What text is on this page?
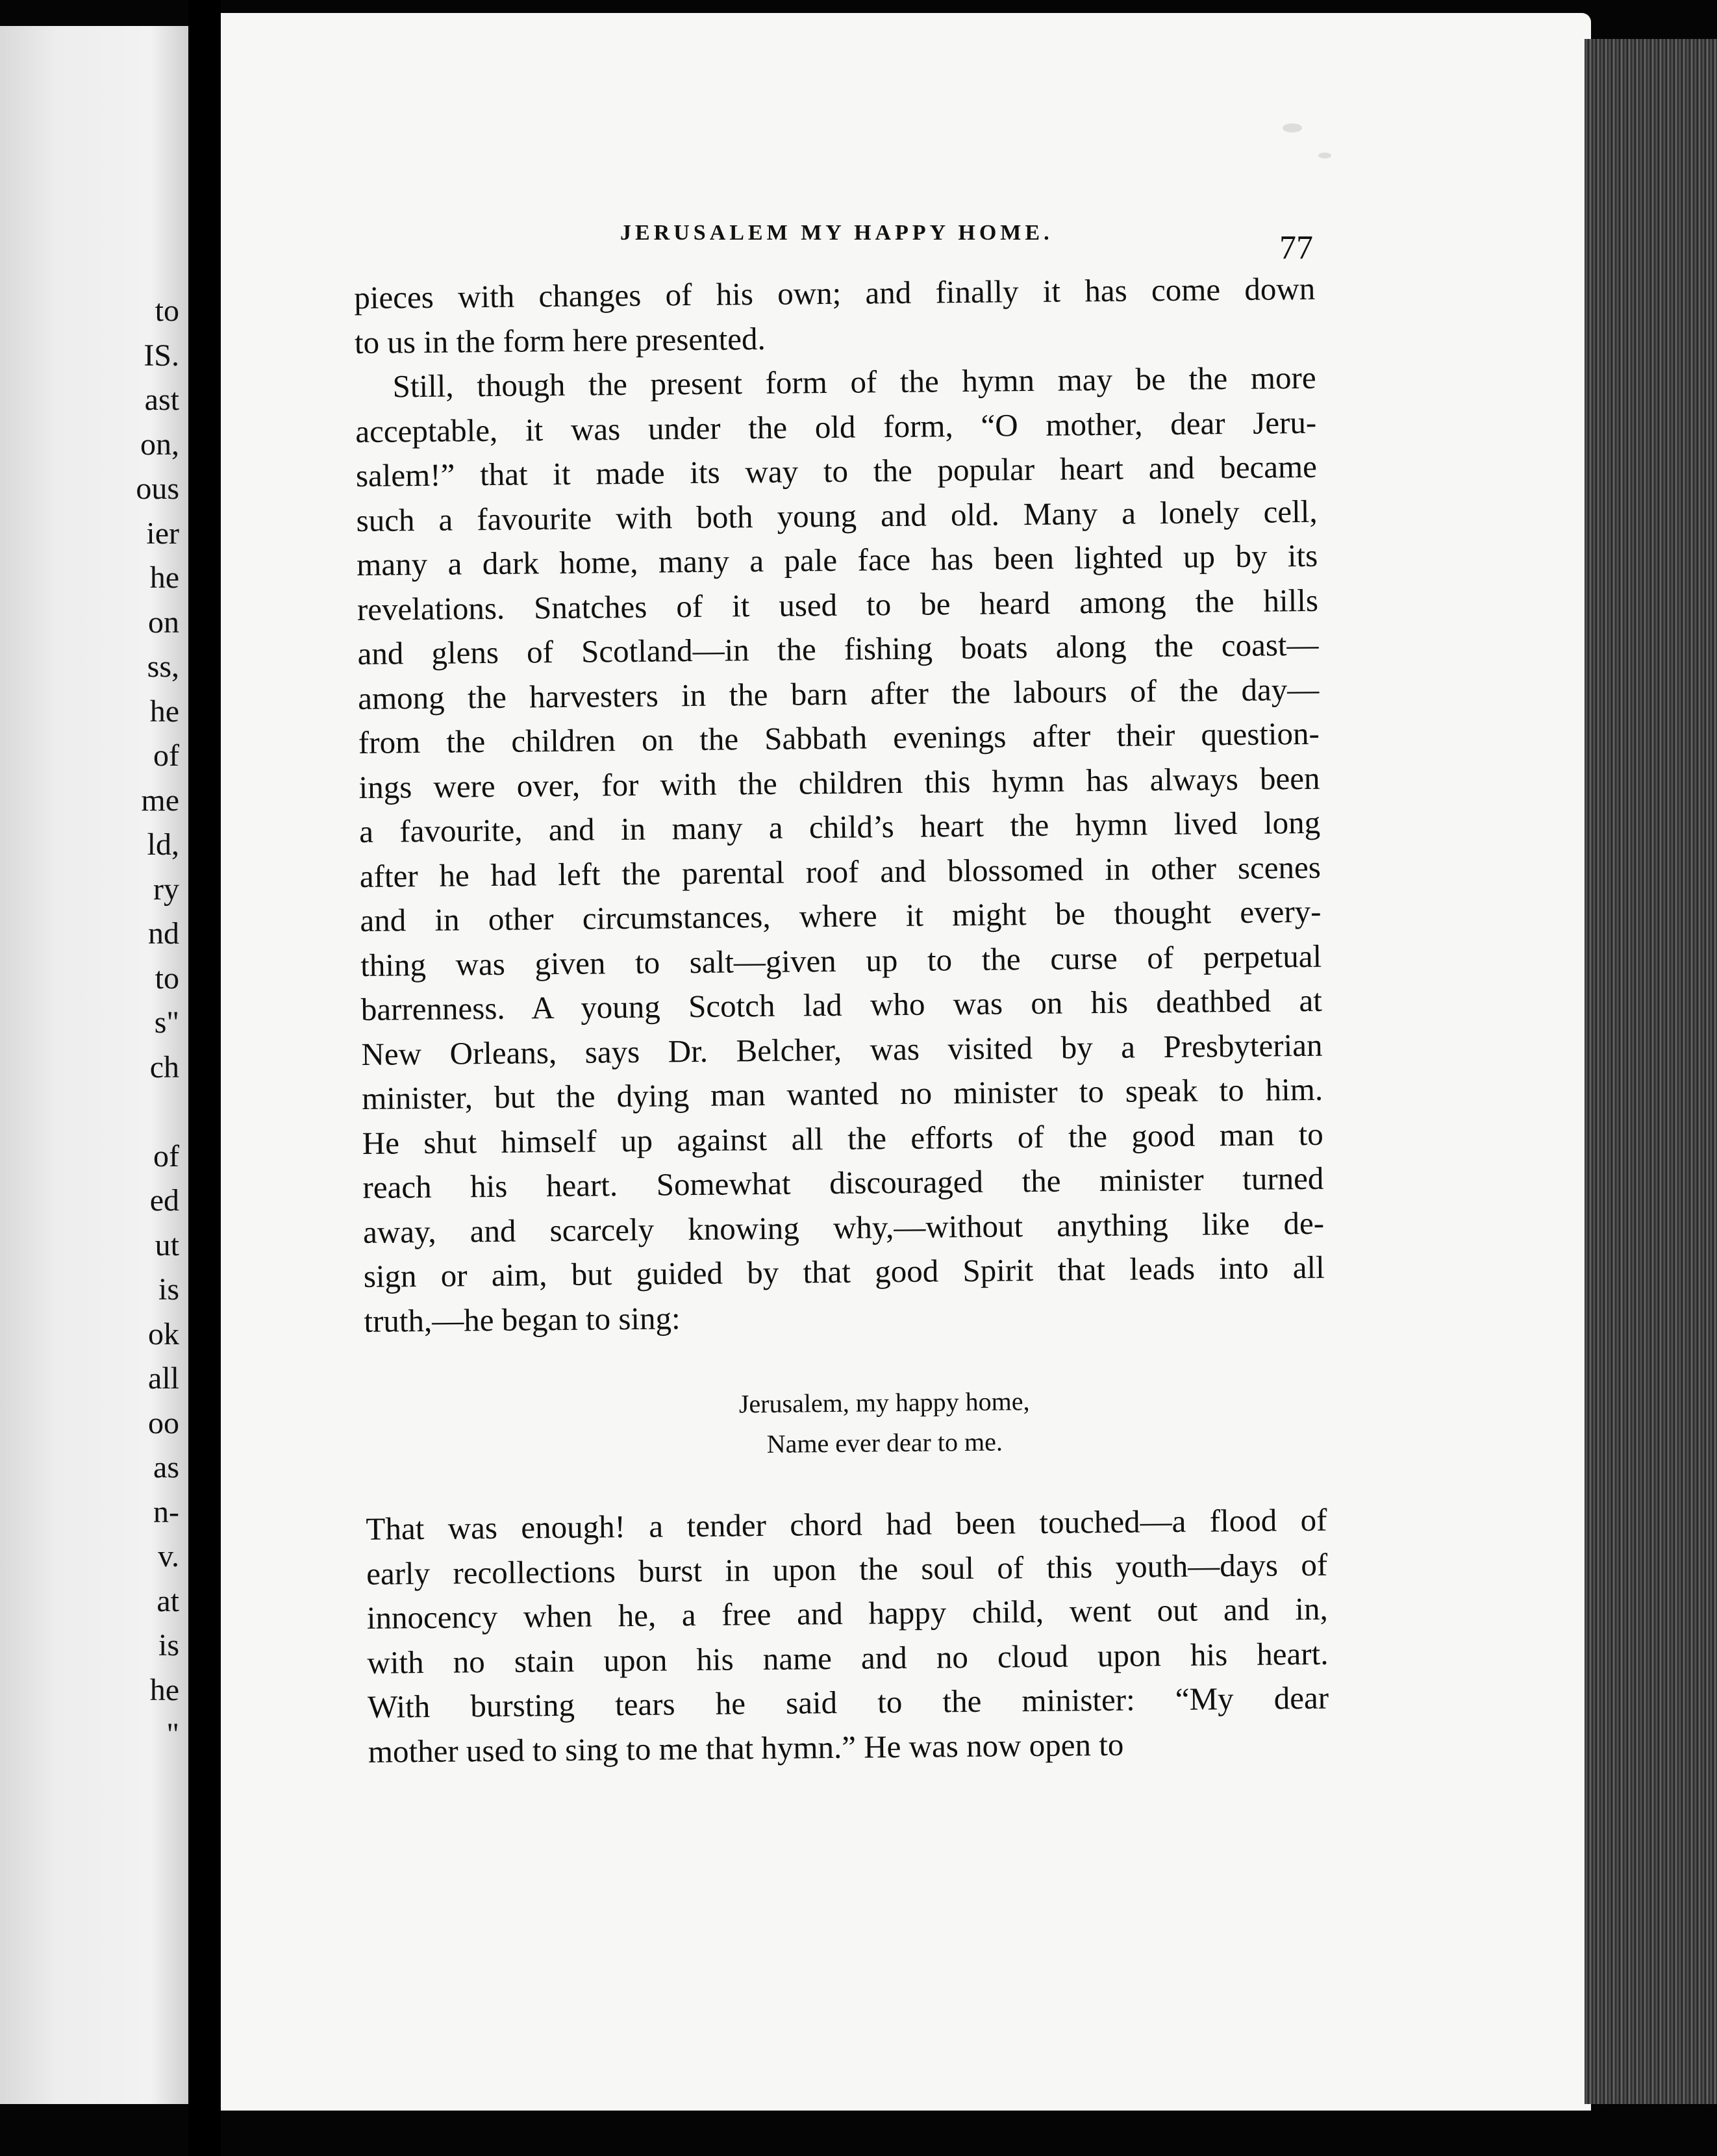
to
IS.
ast
on,
ous
ier
he
on
ss,
he
of
me
ld,
ry
nd
to
s"
ch
of
ed
ut
is
ok
all
oo
as
n-
v.
at
is
he
"
JERUSALEM MY HAPPY HOME.	77
pieces with changes of his own; and finally it has come down
to us in the form here presented.
Still, though the present form of the hymn may be the more
acceptable, it was under the old form, “O mother, dear Jeru-
salem!” that it made its way to the popular heart and became
such a favourite with both young and old. Many a lonely cell,
many a dark home, many a pale face has been lighted up by its
revelations. Snatches of it used to be heard among the hills
and glens of Scotland—in the fishing boats along the coast—
among the harvesters in the barn after the labours of the day—
from the children on the Sabbath evenings after their question-
ings were over, for with the children this hymn has always been
a favourite, and in many a child’s heart the hymn lived long
after he had left the parental roof and blossomed in other scenes
and in other circumstances, where it might be thought every-
thing was given to salt—given up to the curse of perpetual
barrenness. A young Scotch lad who was on his deathbed at
New Orleans, says Dr. Belcher, was visited by a Presbyterian
minister, but the dying man wanted no minister to speak to him.
He shut himself up against all the efforts of the good man to
reach his heart. Somewhat discouraged the minister turned
away, and scarcely knowing why,—without anything like de-
sign or aim, but guided by that good Spirit that leads into all
truth,—he began to sing:
Jerusalem, my happy home,
Name ever dear to me.
That was enough! a tender chord had been touched—a flood of
early recollections burst in upon the soul of this youth—days of
innocency when he, a free and happy child, went out and in,
with no stain upon his name and no cloud upon his heart.
With bursting tears he said to the minister: “My dear
mother used to sing to me that hymn.” He was now open to
